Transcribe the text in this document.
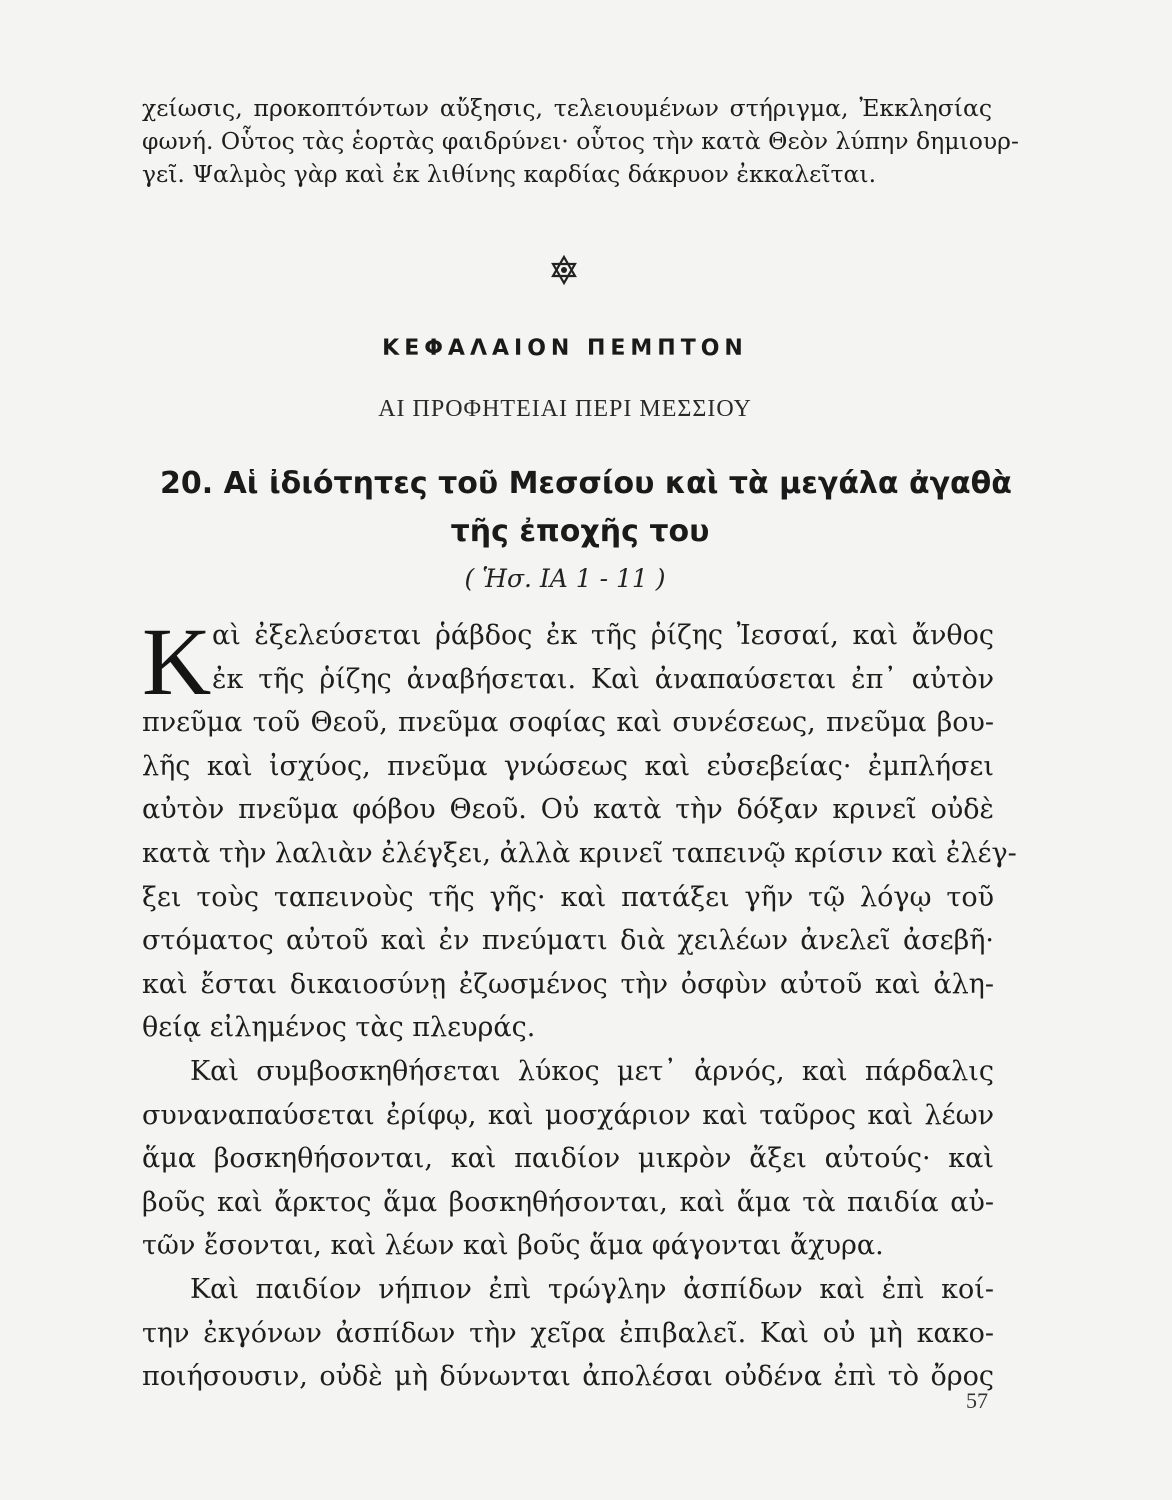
χείωσις, προκοπτόντων αὔξησις, τελειουμένων στήριγμα, Ἐκκλησίας
φωνή. Οὗτος τὰς ἑορτὰς φαιδρύνει· οὗτος τὴν κατὰ Θεὸν λύπην δημιουρ-
γεῖ. Ψαλμὸς γὰρ καὶ ἐκ λιθίνης καρδίας δάκρυον ἐκκαλεῖται.
ΚΕΦΑΛΑΙΟΝ ΠΕΜΠΤΟΝ
ΑΙ ΠΡΟΦΗΤΕΙΑΙ ΠΕΡΙ ΜΕΣΣΙΟΥ
20. Αἱ ἰδιότητες τοῦ Μεσσίου καὶ τὰ μεγάλα ἀγαθὰ
τῆς ἐποχῆς του
( Ἡσ. ΙΑ 1 - 11 )
Κ αὶ ἐξελεύσεται ῥάβδος ἐκ τῆς ῥίζης Ἰεσσαί, καὶ ἄνθος
ἐκ τῆς ῥίζης ἀναβήσεται. Καὶ ἀναπαύσεται ἐπ᾽ αὐτὸν
πνεῦμα τοῦ Θεοῦ, πνεῦμα σοφίας καὶ συνέσεως, πνεῦμα βου-
λῆς καὶ ἰσχύος, πνεῦμα γνώσεως καὶ εὐσεβείας· ἐμπλήσει
αὐτὸν πνεῦμα φόβου Θεοῦ. Οὐ κατὰ τὴν δόξαν κρινεῖ οὐδὲ
κατὰ τὴν λαλιὰν ἐλέγξει, ἀλλὰ κρινεῖ ταπεινῷ κρίσιν καὶ ἐλέγ-
ξει τοὺς ταπεινοὺς τῆς γῆς· καὶ πατάξει γῆν τῷ λόγῳ τοῦ
στόματος αὐτοῦ καὶ ἐν πνεύματι διὰ χειλέων ἀνελεῖ ἀσεβῆ·
καὶ ἔσται δικαιοσύνῃ ἐζωσμένος τὴν ὀσφὺν αὐτοῦ καὶ ἀλη-
θείᾳ εἰλημένος τὰς πλευράς.
Καὶ συμβοσκηθήσεται λύκος μετ᾽ ἀρνός, καὶ πάρδαλις
συναναπαύσεται ἐρίφῳ, καὶ μοσχάριον καὶ ταῦρος καὶ λέων
ἅμα βοσκηθήσονται, καὶ παιδίον μικρὸν ἄξει αὐτούς· καὶ
βοῦς καὶ ἄρκτος ἅμα βοσκηθήσονται, καὶ ἅμα τὰ παιδία αὐ-
τῶν ἔσονται, καὶ λέων καὶ βοῦς ἅμα φάγονται ἄχυρα.
Καὶ παιδίον νήπιον ἐπὶ τρώγλην ἀσπίδων καὶ ἐπὶ κοί-
την ἐκγόνων ἀσπίδων τὴν χεῖρα ἐπιβαλεῖ. Καὶ οὐ μὴ κακο-
ποιήσουσιν, οὐδὲ μὴ δύνωνται ἀπολέσαι οὐδένα ἐπὶ τὸ ὄρος
57
